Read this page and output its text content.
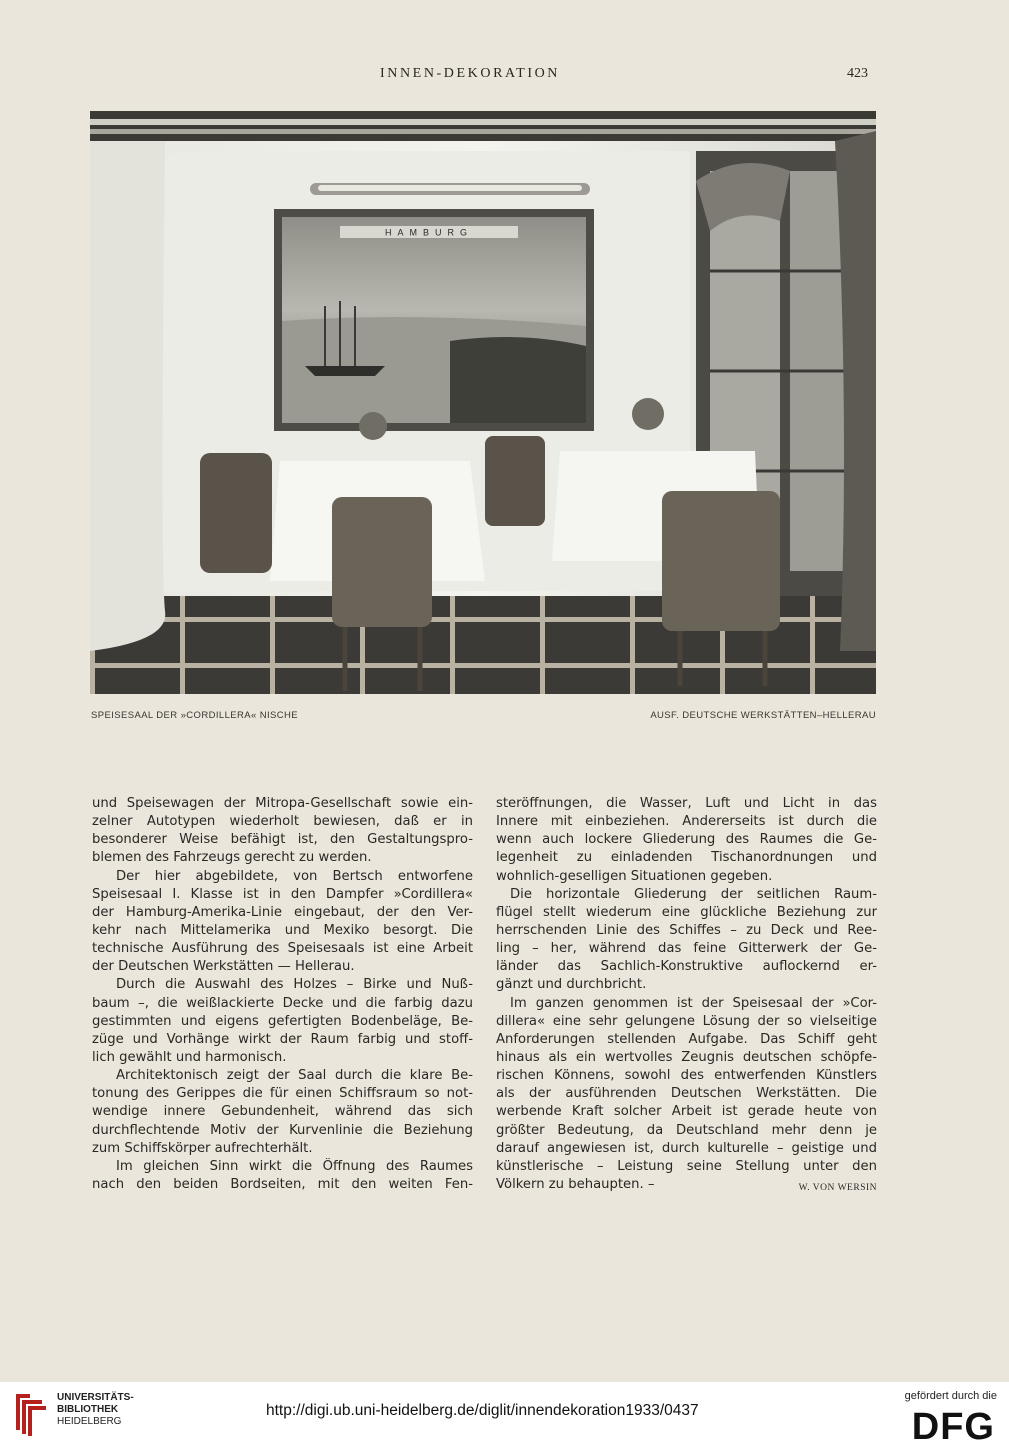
INNEN-DEKORATION	423
HAMBURG
SPEISESAAL DER »CORDILLERA« NISCHE	AUSF. DEUTSCHE WERKSTÄTTEN–HELLERAU

und Speisewagen der Mitropa-Gesellschaft sowie ein-
zelner Autotypen wiederholt bewiesen, daß er in
besonderer Weise befähigt ist, den Gestaltungspro-
blemen des Fahrzeugs gerecht zu werden.

Der hier abgebildete, von Bertsch entworfene
Speisesaal I. Klasse ist in den Dampfer »Cordillera«
der Hamburg-Amerika-Linie eingebaut, der den Ver-
kehr nach Mittelamerika und Mexiko besorgt. Die
technische Ausführung des Speisesaals ist eine Arbeit
der Deutschen Werkstätten — Hellerau.

Durch die Auswahl des Holzes – Birke und Nuß-
baum –, die weißlackierte Decke und die farbig dazu
gestimmten und eigens gefertigten Bodenbeläge, Be-
züge und Vorhänge wirkt der Raum farbig und stoff-
lich gewählt und harmonisch.

Architektonisch zeigt der Saal durch die klare Be-
tonung des Gerippes die für einen Schiffsraum so not-
wendige innere Gebundenheit, während das sich
durchflechtende Motiv der Kurvenlinie die Beziehung
zum Schiffskörper aufrechterhält.

Im gleichen Sinn wirkt die Öffnung des Raumes
nach den beiden Bordseiten, mit den weiten Fen-

steröffnungen, die Wasser, Luft und Licht in das
Innere mit einbeziehen. Andererseits ist durch die
wenn auch lockere Gliederung des Raumes die Ge-
legenheit zu einladenden Tischanordnungen und
wohnlich-geselligen Situationen gegeben.

Die horizontale Gliederung der seitlichen Raum-
flügel stellt wiederum eine glückliche Beziehung zur
herrschenden Linie des Schiffes – zu Deck und Ree-
ling – her, während das feine Gitterwerk der Ge-
länder das Sachlich-Konstruktive auflockernd er-
gänzt und durchbricht.

Im ganzen genommen ist der Speisesaal der »Cor-
dillera« eine sehr gelungene Lösung der so vielseitige
Anforderungen stellenden Aufgabe. Das Schiff geht
hinaus als ein wertvolles Zeugnis deutschen schöpfe-
rischen Könnens, sowohl des entwerfenden Künstlers
als der ausführenden Deutschen Werkstätten. Die
werbende Kraft solcher Arbeit ist gerade heute von
größter Bedeutung, da Deutschland mehr denn je
darauf angewiesen ist, durch kulturelle – geistige und
künstlerische – Leistung seine Stellung unter den

Völkern zu behaupten. –	W. VON WERSIN

UNIVERSITÄTS-
BIBLIOTHEK
HEIDELBERG
http://digi.ub.uni-heidelberg.de/diglit/innendekoration1933/0437
gefördert durch die
DFG
